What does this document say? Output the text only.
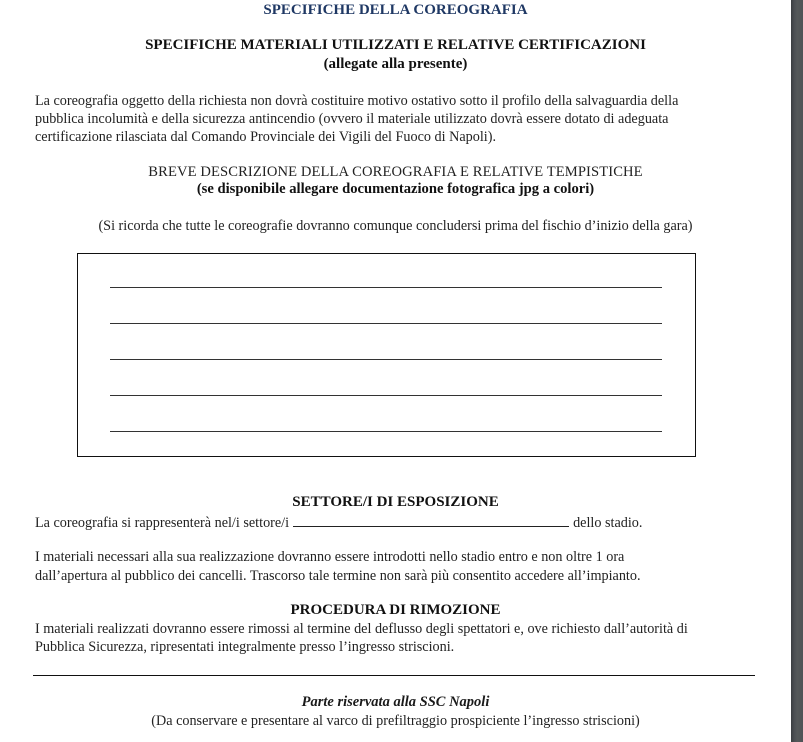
SPECIFICHE DELLA COREOGRAFIA
SPECIFICHE MATERIALI UTILIZZATI E RELATIVE CERTIFICAZIONI
(allegate alla presente)
La coreografia oggetto della richiesta non dovrà costituire motivo ostativo sotto il profilo della salvaguardia della
pubblica incolumità e della sicurezza antincendio (ovvero il materiale utilizzato dovrà essere dotato di adeguata
certificazione rilasciata dal Comando Provinciale dei Vigili del Fuoco di Napoli).
BREVE DESCRIZIONE DELLA COREOGRAFIA E RELATIVE TEMPISTICHE
(se disponibile allegare documentazione fotografica jpg a colori)
(Si ricorda che tutte le coreografie dovranno comunque concludersi prima del fischio d’inizio della gara)
SETTORE/I DI ESPOSIZIONE
La coreografia si rappresenterà nel/i settore/i	dello stadio.
I materiali necessari alla sua realizzazione dovranno essere introdotti nello stadio entro e non oltre 1 ora
dall’apertura al pubblico dei cancelli. Trascorso tale termine non sarà più consentito accedere all’impianto.
PROCEDURA DI RIMOZIONE
I materiali realizzati dovranno essere rimossi al termine del deflusso degli spettatori e, ove richiesto dall’autorità di
Pubblica Sicurezza, ripresentati integralmente presso l’ingresso striscioni.
Parte riservata alla SSC Napoli
(Da conservare e presentare al varco di prefiltraggio prospiciente l’ingresso striscioni)
